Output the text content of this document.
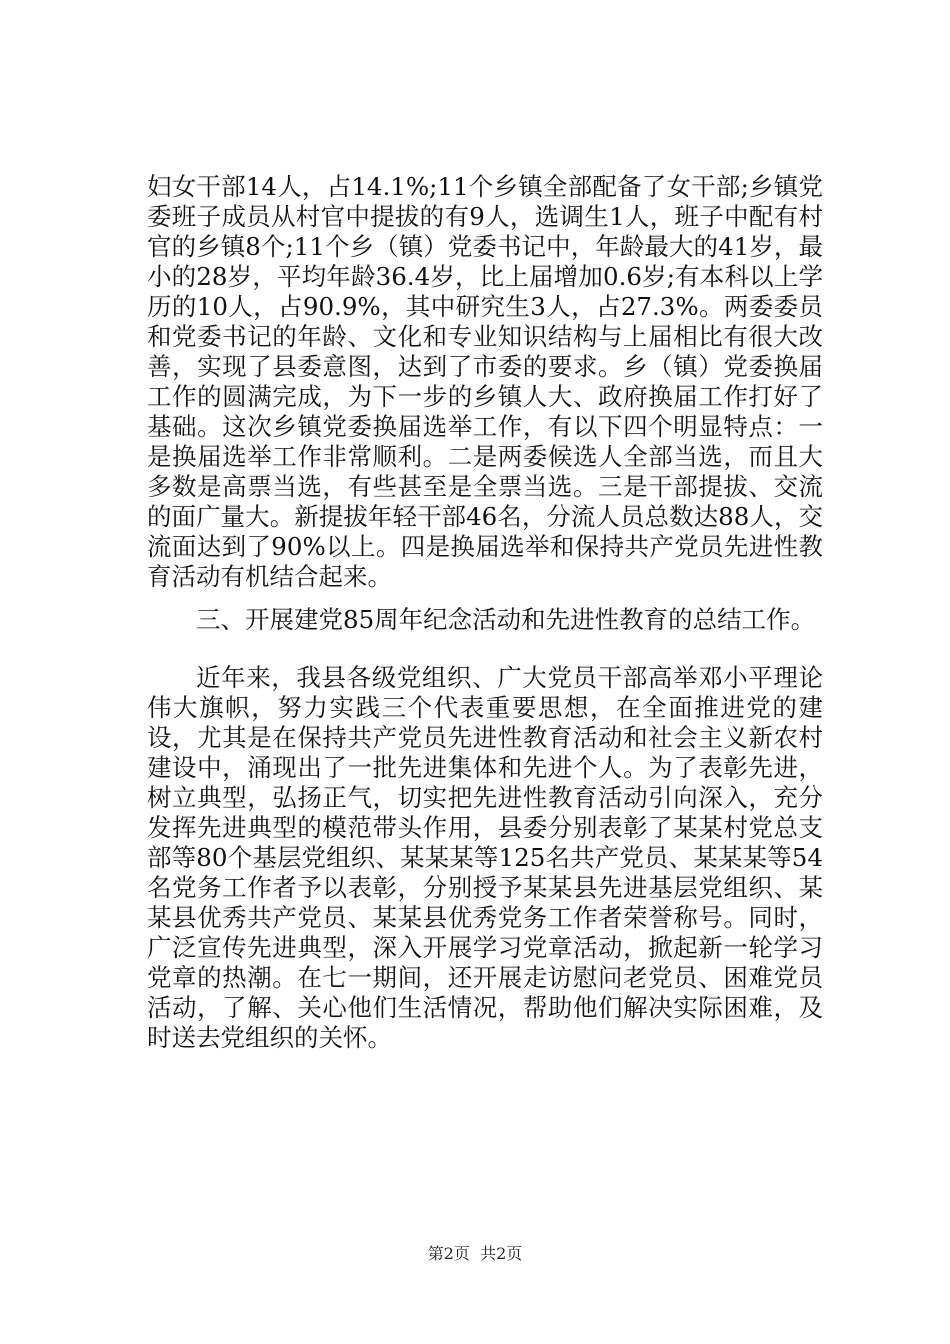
妇女干部14人，占14.1%;11个乡镇全部配备了女干部;乡镇党委班子成员从村官中提拔的有9人，选调生1人，班子中配有村官的乡镇8个;11个乡（镇）党委书记中，年龄最大的41岁，最小的28岁，平均年龄36.4岁，比上届增加0.6岁;有本科以上学历的10人，占90.9%，其中研究生3人，占27.3%。两委委员和党委书记的年龄、文化和专业知识结构与上届相比有很大改善，实现了县委意图，达到了市委的要求。乡（镇）党委换届工作的圆满完成，为下一步的乡镇人大、政府换届工作打好了基础。这次乡镇党委换届选举工作，有以下四个明显特点：一是换届选举工作非常顺利。二是两委候选人全部当选，而且大多数是高票当选，有些甚至是全票当选。三是干部提拔、交流的面广量大。新提拔年轻干部46名，分流人员总数达88人，交流面达到了90%以上。四是换届选举和保持共产党员先进性教育活动有机结合起来。

三、开展建党85周年纪念活动和先进性教育的总结工作。

近年来，我县各级党组织、广大党员干部高举邓小平理论伟大旗帜，努力实践三个代表重要思想，在全面推进党的建设，尤其是在保持共产党员先进性教育活动和社会主义新农村建设中，涌现出了一批先进集体和先进个人。为了表彰先进，树立典型，弘扬正气，切实把先进性教育活动引向深入，充分发挥先进典型的模范带头作用，县委分别表彰了某某村党总支部等80个基层党组织、某某某等125名共产党员、某某某等54名党务工作者予以表彰，分别授予某某县先进基层党组织、某某县优秀共产党员、某某县优秀党务工作者荣誉称号。同时，广泛宣传先进典型，深入开展学习党章活动，掀起新一轮学习党章的热潮。在七一期间，还开展走访慰问老党员、困难党员活动，了解、关心他们生活情况，帮助他们解决实际困难，及时送去党组织的关怀。

第2页  共2页
